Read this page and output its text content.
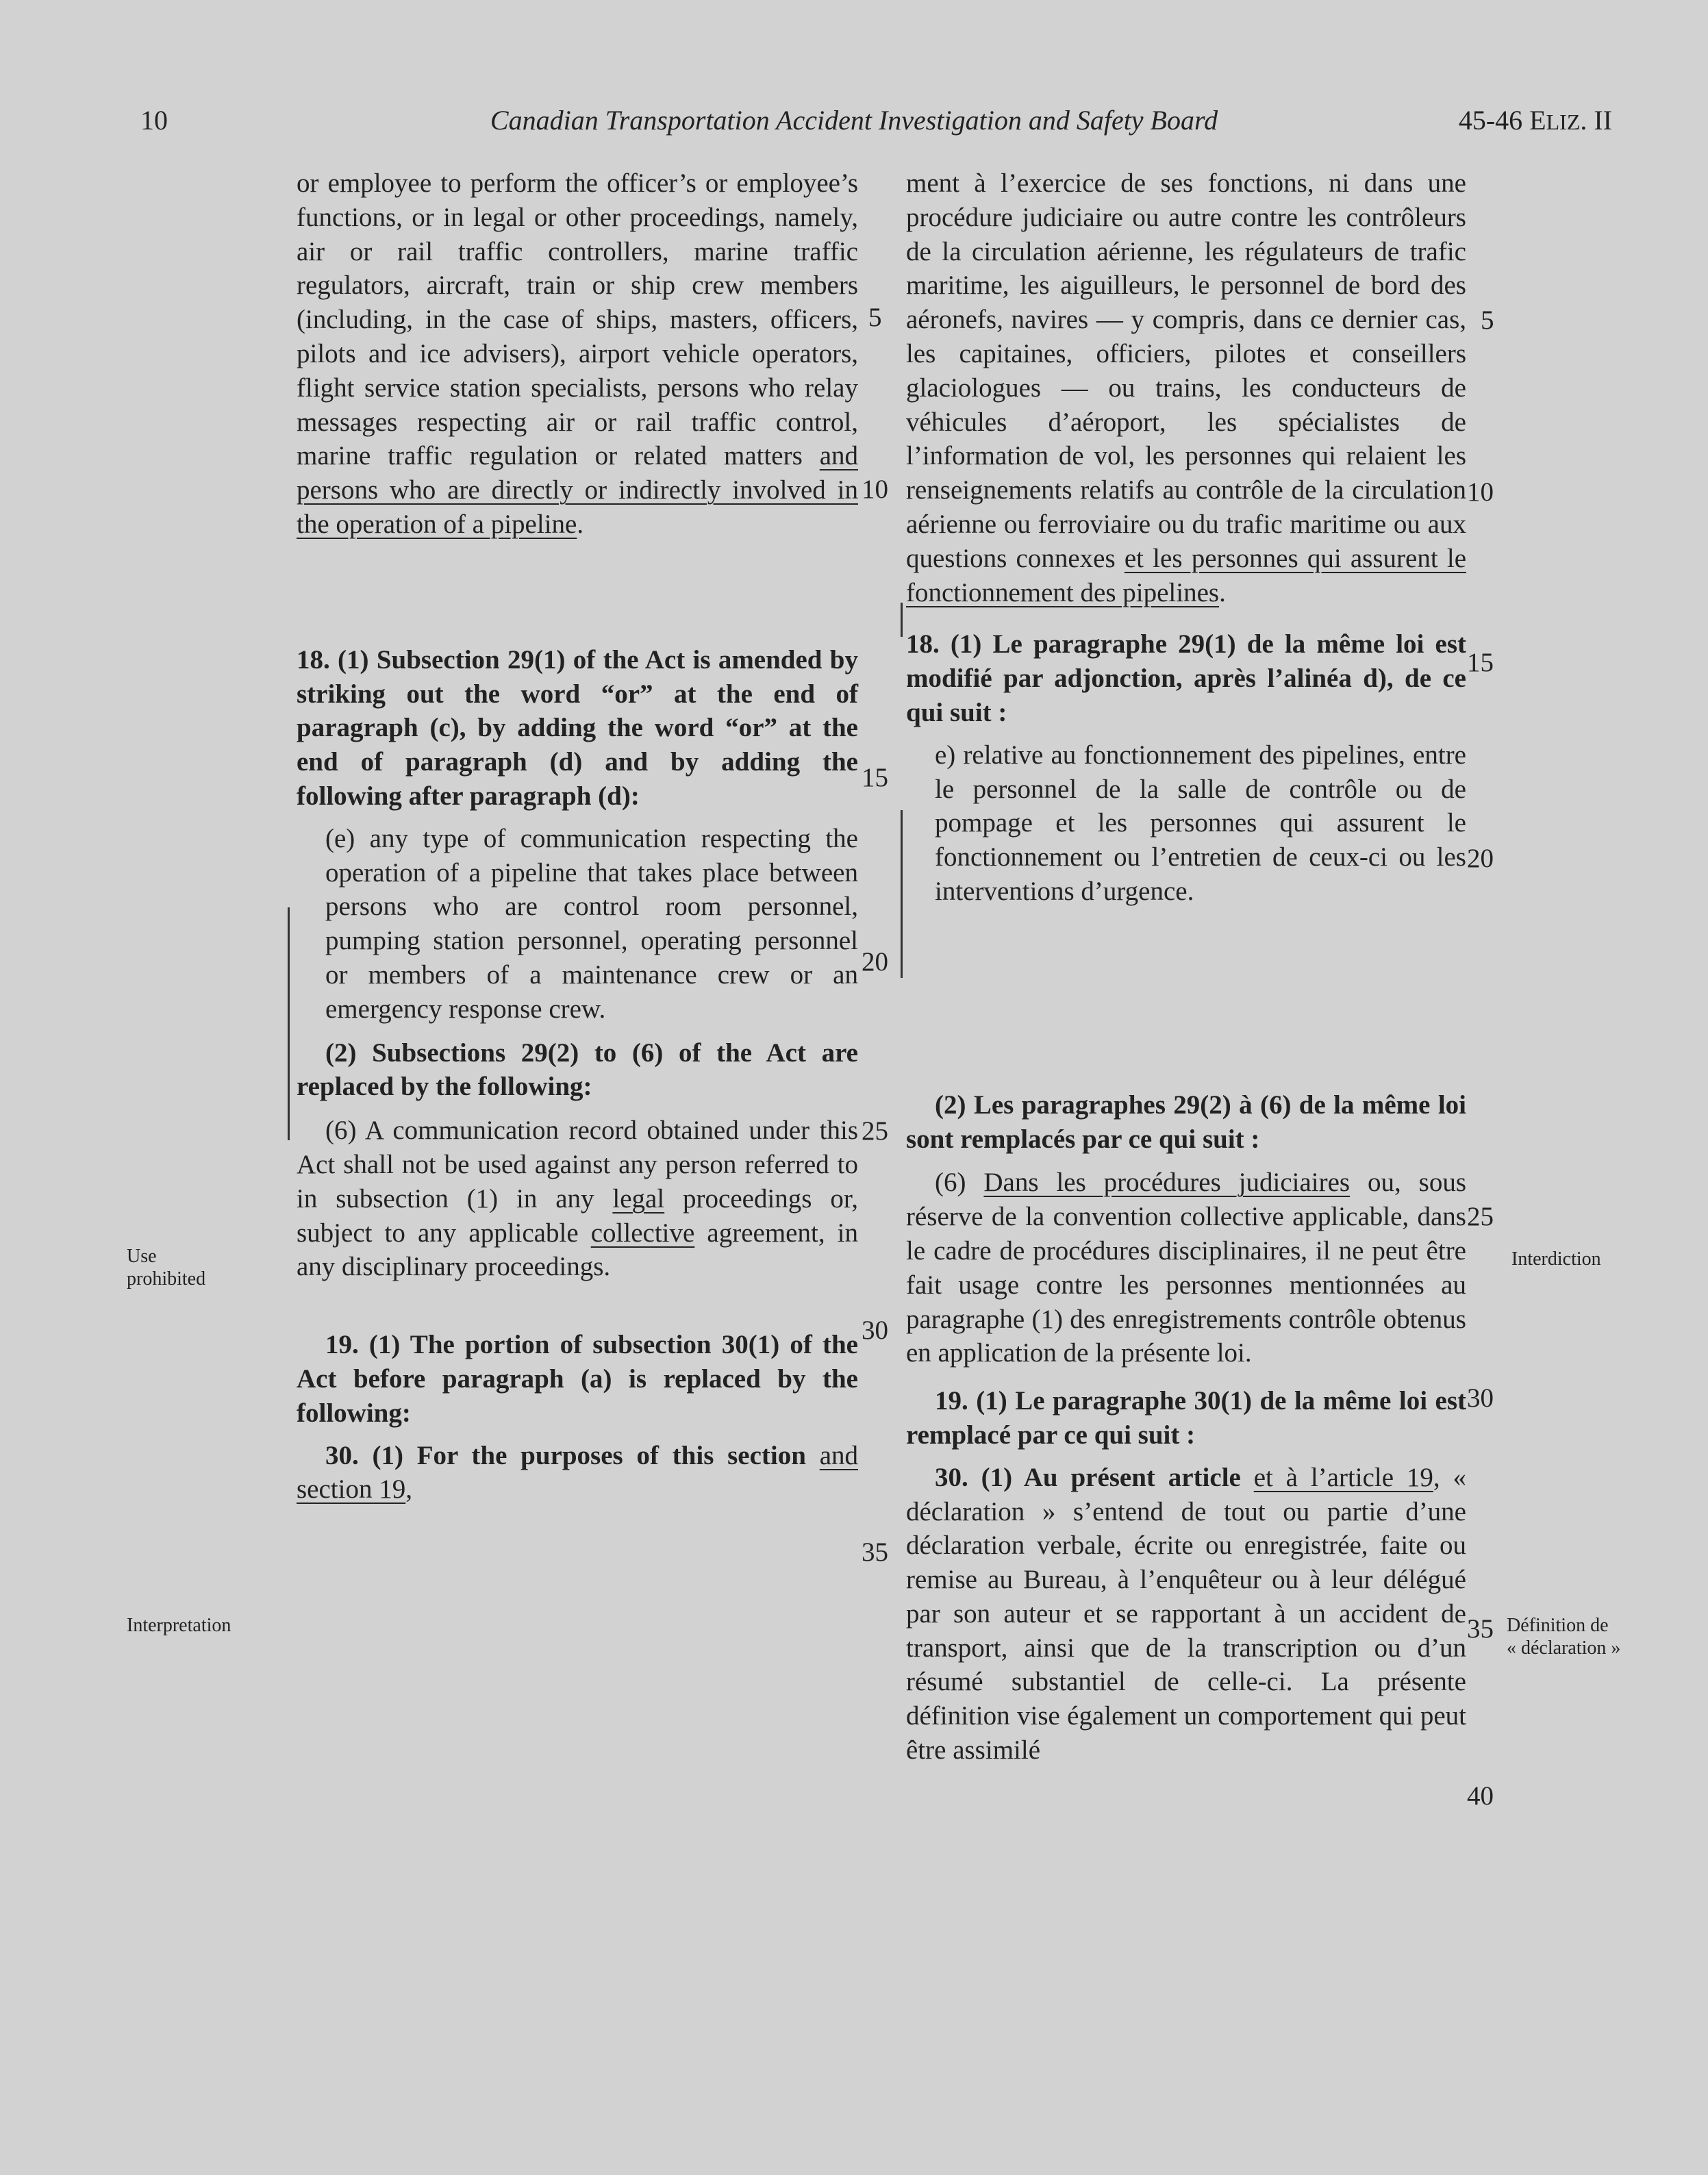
10	Canadian Transportation Accident Investigation and Safety Board	45-46 ELIZ. II

or employee to perform the officer’s or employee’s functions, or in legal or other proceedings, namely, air or rail traffic controllers, marine traffic regulators, aircraft, train or ship crew members (including, in the case of ships, masters, officers, pilots and ice advisers), airport vehicle operators, flight service station specialists, persons who relay messages respecting air or rail traffic control, marine traffic regulation or related matters and persons who are directly or indirectly involved in the operation of a pipeline.

18. (1) Subsection 29(1) of the Act is amended by striking out the word “or” at the end of paragraph (c), by adding the word “or” at the end of paragraph (d) and by adding the following after paragraph (d):

(e) any type of communication respecting the operation of a pipeline that takes place between persons who are control room personnel, pumping station personnel, operating personnel or members of a maintenance crew or an emergency response crew.

(2) Subsections 29(2) to (6) of the Act are replaced by the following:

(6) A communication record obtained under this Act shall not be used against any person referred to in subsection (1) in any legal proceedings or, subject to any applicable collective agreement, in any disciplinary proceedings.

19. (1) The portion of subsection 30(1) of the Act before paragraph (a) is replaced by the following:

30. (1) For the purposes of this section and section 19,

ment à l’exercice de ses fonctions, ni dans une procédure judiciaire ou autre contre les contrôleurs de la circulation aérienne, les régulateurs de trafic maritime, les aiguilleurs, le personnel de bord des aéronefs, navires — y compris, dans ce dernier cas, les capitaines, officiers, pilotes et conseillers glaciologues — ou trains, les conducteurs de véhicules d’aéroport, les spécialistes de l’information de vol, les personnes qui relaient les renseignements relatifs au contrôle de la circulation aérienne ou ferroviaire ou du trafic maritime ou aux questions connexes et les personnes qui assurent le fonctionnement des pipelines.

18. (1) Le paragraphe 29(1) de la même loi est modifié par adjonction, après l’alinéa d), de ce qui suit :

e) relative au fonctionnement des pipelines, entre le personnel de la salle de contrôle ou de pompage et les personnes qui assurent le fonctionnement ou l’entretien de ceux-ci ou les interventions d’urgence.

(2) Les paragraphes 29(2) à (6) de la même loi sont remplacés par ce qui suit :

(6) Dans les procédures judiciaires ou, sous réserve de la convention collective applicable, dans le cadre de procédures disciplinaires, il ne peut être fait usage contre les personnes mentionnées au paragraphe (1) des enregistrements contrôle obtenus en application de la présente loi.

19. (1) Le paragraphe 30(1) de la même loi est remplacé par ce qui suit :

30. (1) Au présent article et à l’article 19, « déclaration » s’entend de tout ou partie d’une déclaration verbale, écrite ou enregistrée, faite ou remise au Bureau, à l’enquêteur ou à leur délégué par son auteur et se rapportant à un accident de transport, ainsi que de la transcription ou d’un résumé substantiel de celle-ci. La présente définition vise également un comportement qui peut être assimilé

5
10
15
20
25
30
35
5
10
15
20
25
30
35
40
Use
prohibited
Interpretation
Interdiction
Définition de
« déclaration »
